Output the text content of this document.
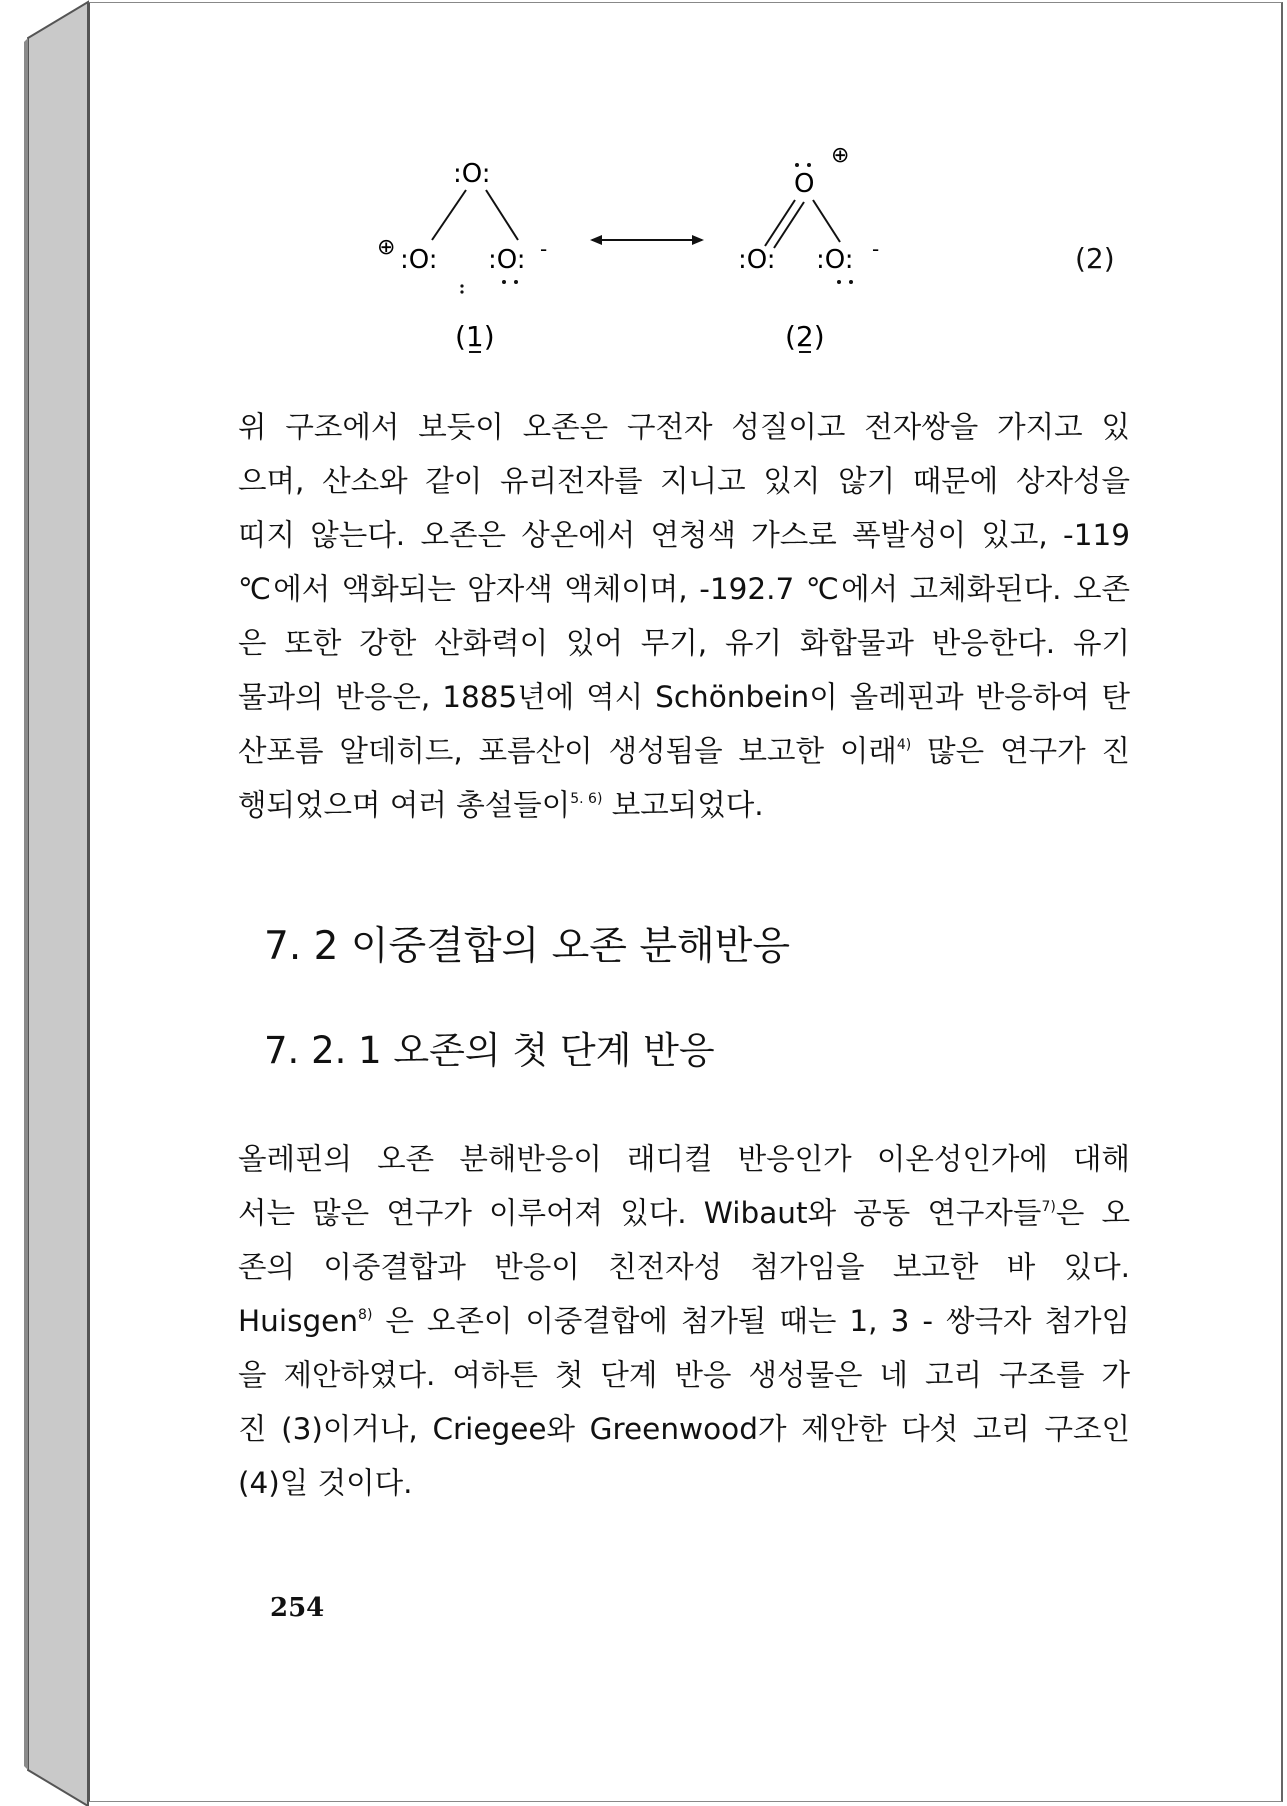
:O:
⊕ :O: :O: -
⊕
O
:O: :O: -
(1)	(2)
(2)
위 구조에서 보듯이 오존은 구전자 성질이고 전자쌍을 가지고 있
으며, 산소와 같이 유리전자를 지니고 있지 않기 때문에 상자성을
띠지 않는다. 오존은 상온에서 연청색 가스로 폭발성이 있고, -119
℃에서 액화되는 암자색 액체이며, -192.7 ℃에서 고체화된다. 오존
은 또한 강한 산화력이 있어 무기, 유기 화합물과 반응한다. 유기
물과의 반응은, 1885년에 역시 Schönbein이 올레핀과 반응하여 탄
산포름 알데히드, 포름산이 생성됨을 보고한 이래$^{4)}$ 많은 연구가 진
행되었으며 여러 총설들이$^{5. 6)}$ 보고되었다.
7. 2 이중결합의 오존 분해반응
7. 2. 1 오존의 첫 단계 반응
올레핀의 오존 분해반응이 래디컬 반응인가 이온성인가에 대해
서는 많은 연구가 이루어져 있다. Wibaut와 공동 연구자들$^{7)}$은 오
존의 이중결합과 반응이 친전자성 첨가임을 보고한 바 있다.
Huisgen$^{8)}$ 은 오존이 이중결합에 첨가될 때는 1, 3 - 쌍극자 첨가임
을 제안하였다. 여하튼 첫 단계 반응 생성물은 네 고리 구조를 가
진 (3)이거나, Criegee와 Greenwood가 제안한 다섯 고리 구조인
(4)일 것이다.
254
